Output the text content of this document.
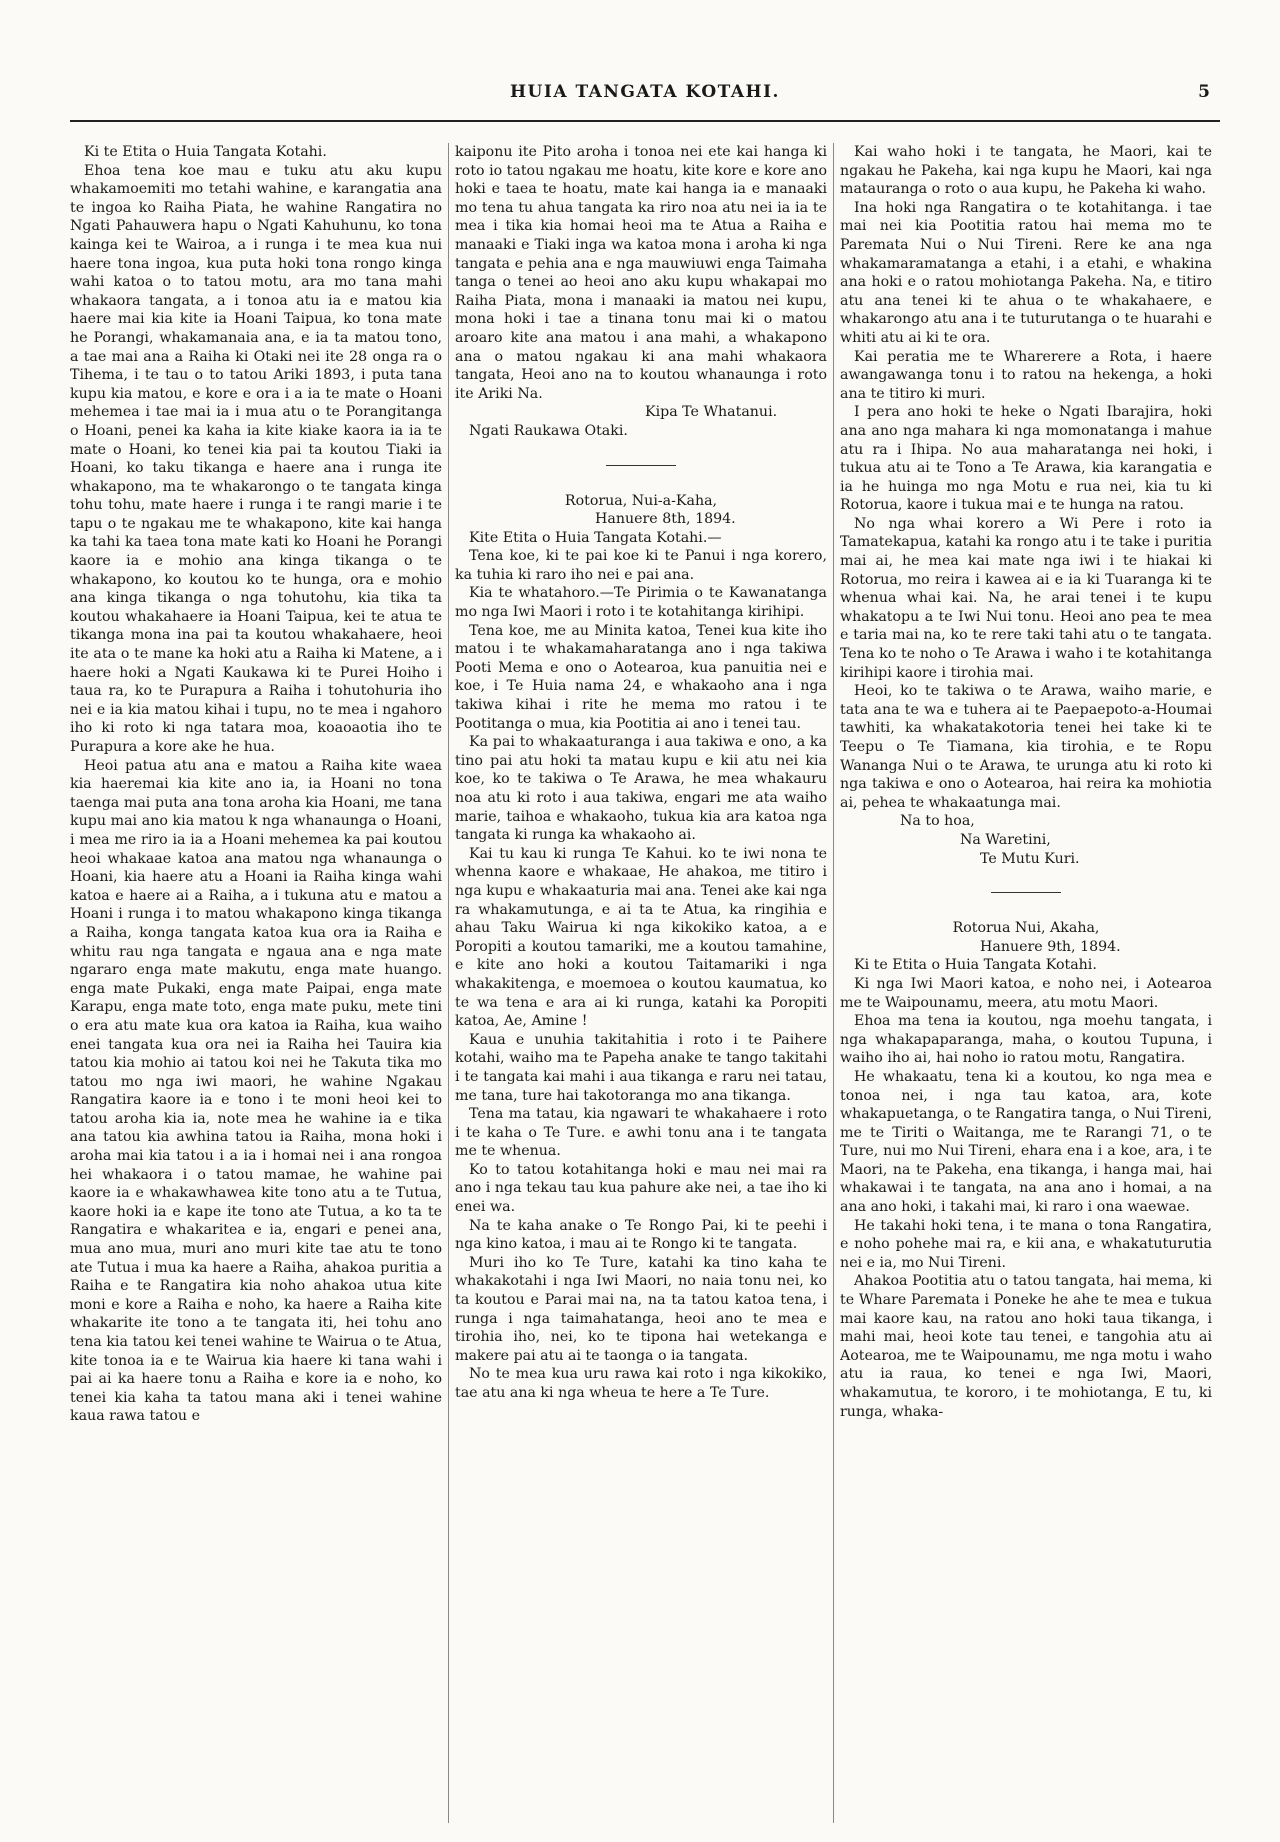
HUIA TANGATA KOTAHI.	5

Ki te Etita o Huia Tangata Kotahi.

Ehoa tena koe mau e tuku atu aku kupu whakamoemiti mo tetahi wahine, e karangatia ana te ingoa ko Raiha Piata, he wahine Rangatira no Ngati Pahauwera hapu o Ngati Kahuhunu, ko tona kainga kei te Wairoa, a i runga i te mea kua nui haere tona ingoa, kua puta hoki tona rongo kinga wahi katoa o to tatou motu, ara mo tana mahi whakaora tangata, a i tonoa atu ia e matou kia haere mai kia kite ia Hoani Taipua, ko tona mate he Porangi, whakamanaia ana, e ia ta matou tono, a tae mai ana a Raiha ki Otaki nei ite 28 onga ra o Tihema, i te tau o to tatou Ariki 1893, i puta tana kupu kia matou, e kore e ora i a ia te mate o Hoani mehemea i tae mai ia i mua atu o te Porangitanga o Hoani, penei ka kaha ia kite kiake kaora ia ia te mate o Hoani, ko tenei kia pai ta koutou Tiaki ia Hoani, ko taku tikanga e haere ana i runga ite whakapono, ma te whakarongo o te tangata kinga tohu tohu, mate haere i runga i te rangi marie i te tapu o te ngakau me te whakapono, kite kai hanga ka tahi ka taea tona mate kati ko Hoani he Porangi kaore ia e mohio ana kinga tikanga o te whakapono, ko koutou ko te hunga, ora e mohio ana kinga tikanga o nga tohutohu, kia tika ta koutou whakahaere ia Hoani Taipua, kei te atua te tikanga mona ina pai ta koutou whakahaere, heoi ite ata o te mane ka hoki atu a Raiha ki Matene, a i haere hoki a Ngati Kaukawa ki te Purei Hoiho i taua ra, ko te Purapura a Raiha i tohutohuria iho nei e ia kia matou kihai i tupu, no te mea i ngahoro iho ki roto ki nga tatara moa, koaoaotia iho te Purapura a kore ake he hua.

Heoi patua atu ana e matou a Raiha kite waea kia haeremai kia kite ano ia, ia Hoani no tona taenga mai puta ana tona aroha kia Hoani, me tana kupu mai ano kia matou k nga whanaunga o Hoani, i mea me riro ia ia a Hoani mehemea ka pai koutou heoi whakaae katoa ana matou nga whanaunga o Hoani, kia haere atu a Hoani ia Raiha kinga wahi katoa e haere ai a Raiha, a i tukuna atu e matou a Hoani i runga i to matou whakapono kinga tikanga a Raiha, konga tangata katoa kua ora ia Raiha e whitu rau nga tangata e ngaua ana e nga mate ngararo enga mate makutu, enga mate huango. enga mate Pukaki, enga mate Paipai, enga mate Karapu, enga mate toto, enga mate puku, mete tini o era atu mate kua ora katoa ia Raiha, kua waiho enei tangata kua ora nei ia Raiha hei Tauira kia tatou kia mohio ai tatou koi nei he Takuta tika mo tatou mo nga iwi maori, he wahine Ngakau Rangatira kaore ia e tono i te moni heoi kei to tatou aroha kia ia, note mea he wahine ia e tika ana tatou kia awhina tatou ia Raiha, mona hoki i aroha mai kia tatou i a ia i homai nei i ana rongoa hei whakaora i o tatou mamae, he wahine pai kaore ia e whakawhawea kite tono atu a te Tutua, kaore hoki ia e kape ite tono ate Tutua, a ko ta te Rangatira e whakaritea e ia, engari e penei ana, mua ano mua, muri ano muri kite tae atu te tono ate Tutua i mua ka haere a Raiha, ahakoa puritia a Raiha e te Rangatira kia noho ahakoa utua kite moni e kore a Raiha e noho, ka haere a Raiha kite whakarite ite tono a te tangata iti, hei tohu ano tena kia tatou kei tenei wahine te Wairua o te Atua, kite tonoa ia e te Wairua kia haere ki tana wahi i pai ai ka haere tonu a Raiha e kore ia e noho, ko tenei kia kaha ta tatou mana aki i tenei wahine kaua rawa tatou e

kaiponu ite Pito aroha i tonoa nei ete kai hanga ki roto io tatou ngakau me hoatu, kite kore e kore ano hoki e taea te hoatu, mate kai hanga ia e manaaki mo tena tu ahua tangata ka riro noa atu nei ia ia te mea i tika kia homai heoi ma te Atua a Raiha e manaaki e Tiaki inga wa katoa mona i aroha ki nga tangata e pehia ana e nga mauwiuwi enga Taimaha tanga o tenei ao heoi ano aku kupu whakapai mo Raiha Piata, mona i manaaki ia matou nei kupu, mona hoki i tae a tinana tonu mai ki o matou aroaro kite ana matou i ana mahi, a whakapono ana o matou ngakau ki ana mahi whakaora tangata, Heoi ano na to koutou whanaunga i roto ite Ariki Na.

Kipa Te Whatanui.

Ngati Raukawa Otaki.

Rotorua, Nui-a-Kaha,

Hanuere 8th, 1894.

Kite Etita o Huia Tangata Kotahi.—

Tena koe, ki te pai koe ki te Panui i nga korero, ka tuhia ki raro iho nei e pai ana.

Kia te whatahoro.—Te Pirimia o te Kawanatanga mo nga Iwi Maori i roto i te kotahitanga kirihipi.

Tena koe, me au Minita katoa, Tenei kua kite iho matou i te whakamaharatanga ano i nga takiwa Pooti Mema e ono o Aotearoa, kua panuitia nei e koe, i Te Huia nama 24, e whakaoho ana i nga takiwa kihai i rite he mema mo ratou i te Pootitanga o mua, kia Pootitia ai ano i tenei tau.

Ka pai to whakaaturanga i aua takiwa e ono, a ka tino pai atu hoki ta matau kupu e kii atu nei kia koe, ko te takiwa o Te Arawa, he mea whakauru noa atu ki roto i aua takiwa, engari me ata waiho marie, taihoa e whakaoho, tukua kia ara katoa nga tangata ki runga ka whakaoho ai.

Kai tu kau ki runga Te Kahui. ko te iwi nona te whenna kaore e whakaae, He ahakoa, me titiro i nga kupu e whakaaturia mai ana. Tenei ake kai nga ra whakamutunga, e ai ta te Atua, ka ringihia e ahau Taku Wairua ki nga kikokiko katoa, a e Poropiti a koutou tamariki, me a koutou tamahine, e kite ano hoki a koutou Taitamariki i nga whakakitenga, e moemoea o koutou kaumatua, ko te wa tena e ara ai ki runga, katahi ka Poropiti katoa, Ae, Amine !

Kaua e unuhia takitahitia i roto i te Paihere kotahi, waiho ma te Papeha anake te tango takitahi i te tangata kai mahi i aua tikanga e raru nei tatau, me tana, ture hai takotoranga mo ana tikanga.

Tena ma tatau, kia ngawari te whakahaere i roto i te kaha o Te Ture. e awhi tonu ana i te tangata me te whenua.

Ko to tatou kotahitanga hoki e mau nei mai ra ano i nga tekau tau kua pahure ake nei, a tae iho ki enei wa.

Na te kaha anake o Te Rongo Pai, ki te peehi i nga kino katoa, i mau ai te Rongo ki te tangata.

Muri iho ko Te Ture, katahi ka tino kaha te whakakotahi i nga Iwi Maori, no naia tonu nei, ko ta koutou e Parai mai na, na ta tatou katoa tena, i runga i nga taimahatanga, heoi ano te mea e tirohia iho, nei, ko te tipona hai wetekanga e makere pai atu ai te taonga o ia tangata.

No te mea kua uru rawa kai roto i nga kikokiko, tae atu ana ki nga wheua te here a Te Ture.

Kai waho hoki i te tangata, he Maori, kai te ngakau he Pakeha, kai nga kupu he Maori, kai nga matauranga o roto o aua kupu, he Pakeha ki waho.

Ina hoki nga Rangatira o te kotahitanga. i tae mai nei kia Pootitia ratou hai mema mo te Paremata Nui o Nui Tireni. Rere ke ana nga whakamaramatanga a etahi, i a etahi, e whakina ana hoki e o ratou mohiotanga Pakeha. Na, e titiro atu ana tenei ki te ahua o te whakahaere, e whakarongo atu ana i te tuturutanga o te huarahi e whiti atu ai ki te ora.

Kai peratia me te Wharerere a Rota, i haere awangawanga tonu i to ratou na hekenga, a hoki ana te titiro ki muri.

I pera ano hoki te heke o Ngati Ibarajira, hoki ana ano nga maharа ki nga momonatanga i mahue atu ra i Ihipa. No aua maharatanga nei hoki, i tukua atu ai te Tono a Te Arawa, kia karangatia e ia he huinga mo nga Motu e rua nei, kia tu ki Rotorua, kaore i tukua mai e te hunga na ratou.

No nga whai korero a Wi Pere i roto ia Tamatekapua, katahi ka rongo atu i te take i puritia mai ai, he mea kai mate nga iwi i te hiakai ki Rotorua, mo reira i kawea ai e ia ki Tuaranga ki te whenua whai kai. Na, he arai tenei i te kupu whakatopu a te Iwi Nui tonu. Heoi ano pea te mea e taria mai na, ko te rere taki tahi atu o te tangata. Tena ko te noho o Te Arawa i waho i te kotahitanga kirihipi kaore i tirohia mai.

Heoi, ko te takiwa o te Arawa, waiho marie, e tata ana te wa e tuhera ai te Paepaepoto-a-Houmai tawhiti, ka whakatakotoria tenei hei take ki te Teepu o Te Tiamana, kia tirohia, e te Ropu Wananga Nui o te Arawa, te urunga atu ki roto ki nga takiwa e ono o Aotearoa, hai reira ka mohiotia ai, pehea te whakaatunga mai.

Na to hoa,

Na Waretini,

Te Mutu Kuri.

Rotorua Nui, Akaha,

Hanuere 9th, 1894.

Ki te Etita o Huia Tangata Kotahi.

Ki nga Iwi Maori katoa, e noho nei, i Aotearoa me te Waipounamu, meera, atu motu Maori.

Ehoa ma tena ia koutou, nga moehu tangata, i nga whakapaparanga, maha, o koutou Tupuna, i waiho iho ai, hai noho io ratou motu, Rangatira.

He whakaatu, tena ki a koutou, ko nga mea e tonoa nei, i nga tau katoa, ara, kote whakapuetanga, o te Rangatira tanga, o Nui Tireni, me te Tiriti o Waitanga, me te Rarangi 71, o te Ture, nui mo Nui Tireni, ehara ena i a koe, ara, i te Maori, na te Pakeha, ena tikanga, i hanga mai, hai whakawai i te tangata, na ana ano i homai, a na ana ano hoki, i takahi mai, ki raro i ona waewae.

He takahi hoki tena, i te mana o tona Rangatira, e noho pohehe mai ra, e kii ana, e whakatuturutia nei e ia, mo Nui Tireni.

Ahakoa Pootitia atu o tatou tangata, hai mema, ki te Whare Paremata i Poneke he ahe te mea e tukua mai kaore kau, na ratou ano hoki taua tikanga, i mahi mai, heoi kote tau tenei, e tangohia atu ai Aotearoa, me te Waipounamu, me nga motu i waho atu ia raua, ko tenei e nga Iwi, Maori, whakamutua, te kororo, i te mohiotanga, E tu, ki runga, whaka-
